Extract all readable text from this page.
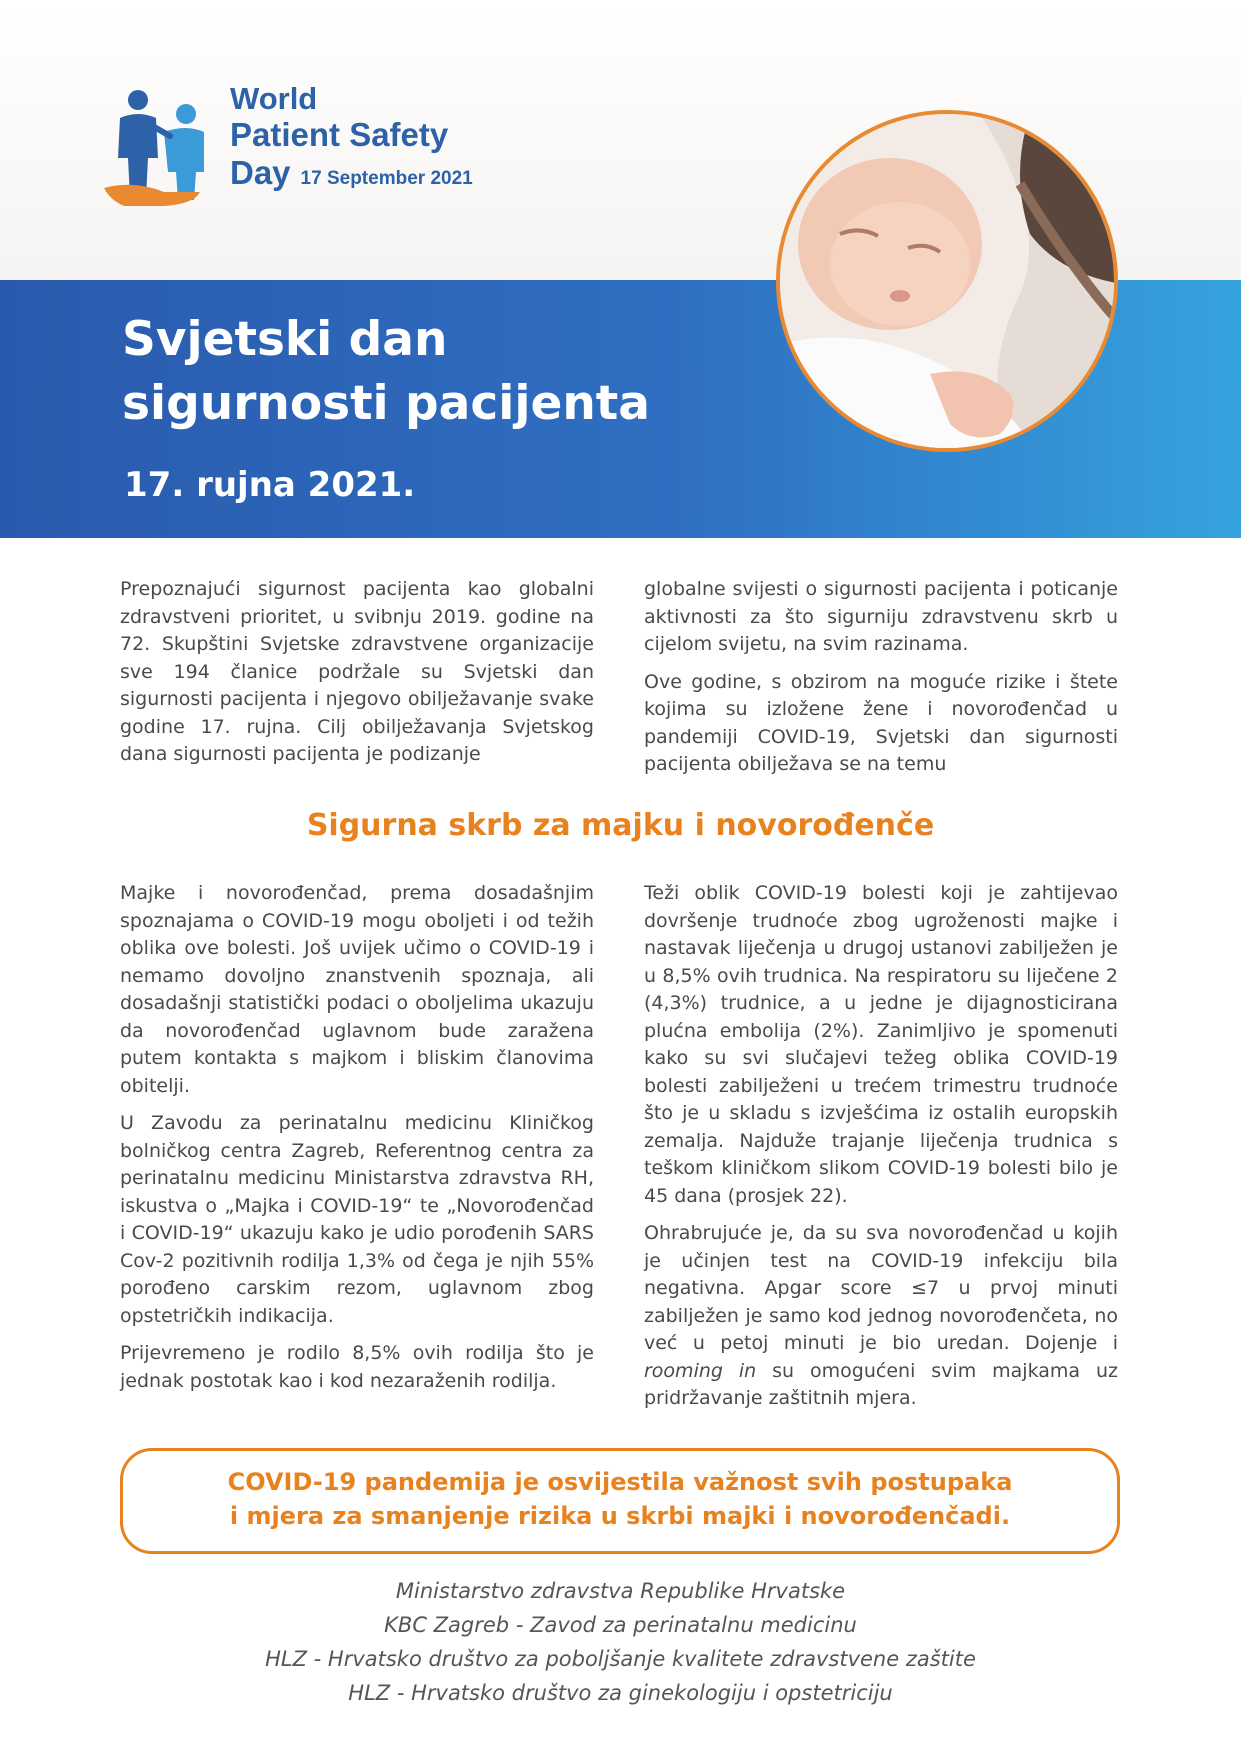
World
Patient Safety
Day 17 September 2021
Svjetski dan
sigurnosti pacijenta
17. rujna 2021.

Prepoznajući sigurnost pacijenta kao globalni zdravstveni prioritet, u svibnju 2019. godine na 72. Skupštini Svjetske zdravstvene organizacije sve 194 članice podržale su Svjetski dan sigurnosti pacijenta i njegovo obilježavanje svake godine 17. rujna. Cilj obilježavanja Svjetskog dana sigurnosti pacijenta je podizanje

globalne svijesti o sigurnosti pacijenta i poticanje aktivnosti za što sigurniju zdravstvenu skrb u cijelom svijetu, na svim razinama.

Ove godine, s obzirom na moguće rizike i štete kojima su izložene žene i novorođenčad u pandemiji COVID-19, Svjetski dan sigurnosti pacijenta obilježava se na temu

Sigurna skrb za majku i novorođenče

Majke i novorođenčad, prema dosadašnjim spoznajama o COVID-19 mogu oboljeti i od težih oblika ove bolesti. Još uvijek učimo o COVID-19 i nemamo dovoljno znanstvenih spoznaja, ali dosadašnji statistički podaci o oboljelima ukazuju da novorođenčad uglavnom bude zaražena putem kontakta s majkom i bliskim članovima obitelji.

U Zavodu za perinatalnu medicinu Kliničkog bolničkog centra Zagreb, Referentnog centra za perinatalnu medicinu Ministarstva zdravstva RH, iskustva o „Majka i COVID-19“ te „Novorođenčad i COVID-19“ ukazuju kako je udio porođenih SARS Cov-2 pozitivnih rodilja 1,3% od čega je njih 55% porođeno carskim rezom, uglavnom zbog opstetričkih indikacija.

Prijevremeno je rodilo 8,5% ovih rodilja što je jednak postotak kao i kod nezaraženih rodilja.

Teži oblik COVID-19 bolesti koji je zahtijevao dovršenje trudnoće zbog ugroženosti majke i nastavak liječenja u drugoj ustanovi zabilježen je u 8,5% ovih trudnica. Na respiratoru su liječene 2 (4,3%) trudnice, a u jedne je dijagnosticirana plućna embolija (2%). Zanimljivo je spomenuti kako su svi slučajevi težeg oblika COVID-19 bolesti zabilježeni u trećem trimestru trudnoće što je u skladu s izvješćima iz ostalih europskih zemalja. Najduže trajanje liječenja trudnica s teškom kliničkom slikom COVID-19 bolesti bilo je 45 dana (prosjek 22).

Ohrabrujuće je, da su sva novorođenčad u kojih je učinjen test na COVID-19 infekciju bila negativna. Apgar score ≤7 u prvoj minuti zabilježen je samo kod jednog novorođenčeta, no već u petoj minuti je bio uredan. Dojenje i rooming in su omogućeni svim majkama uz pridržavanje zaštitnih mjera.

COVID-19 pandemija je osvijestila važnost svih postupaka
i mjera za smanjenje rizika u skrbi majki i novorođenčadi.
Ministarstvo zdravstva Republike Hrvatske
KBC Zagreb - Zavod za perinatalnu medicinu
HLZ - Hrvatsko društvo za poboljšanje kvalitete zdravstvene zaštite
HLZ - Hrvatsko društvo za ginekologiju i opstetriciju
